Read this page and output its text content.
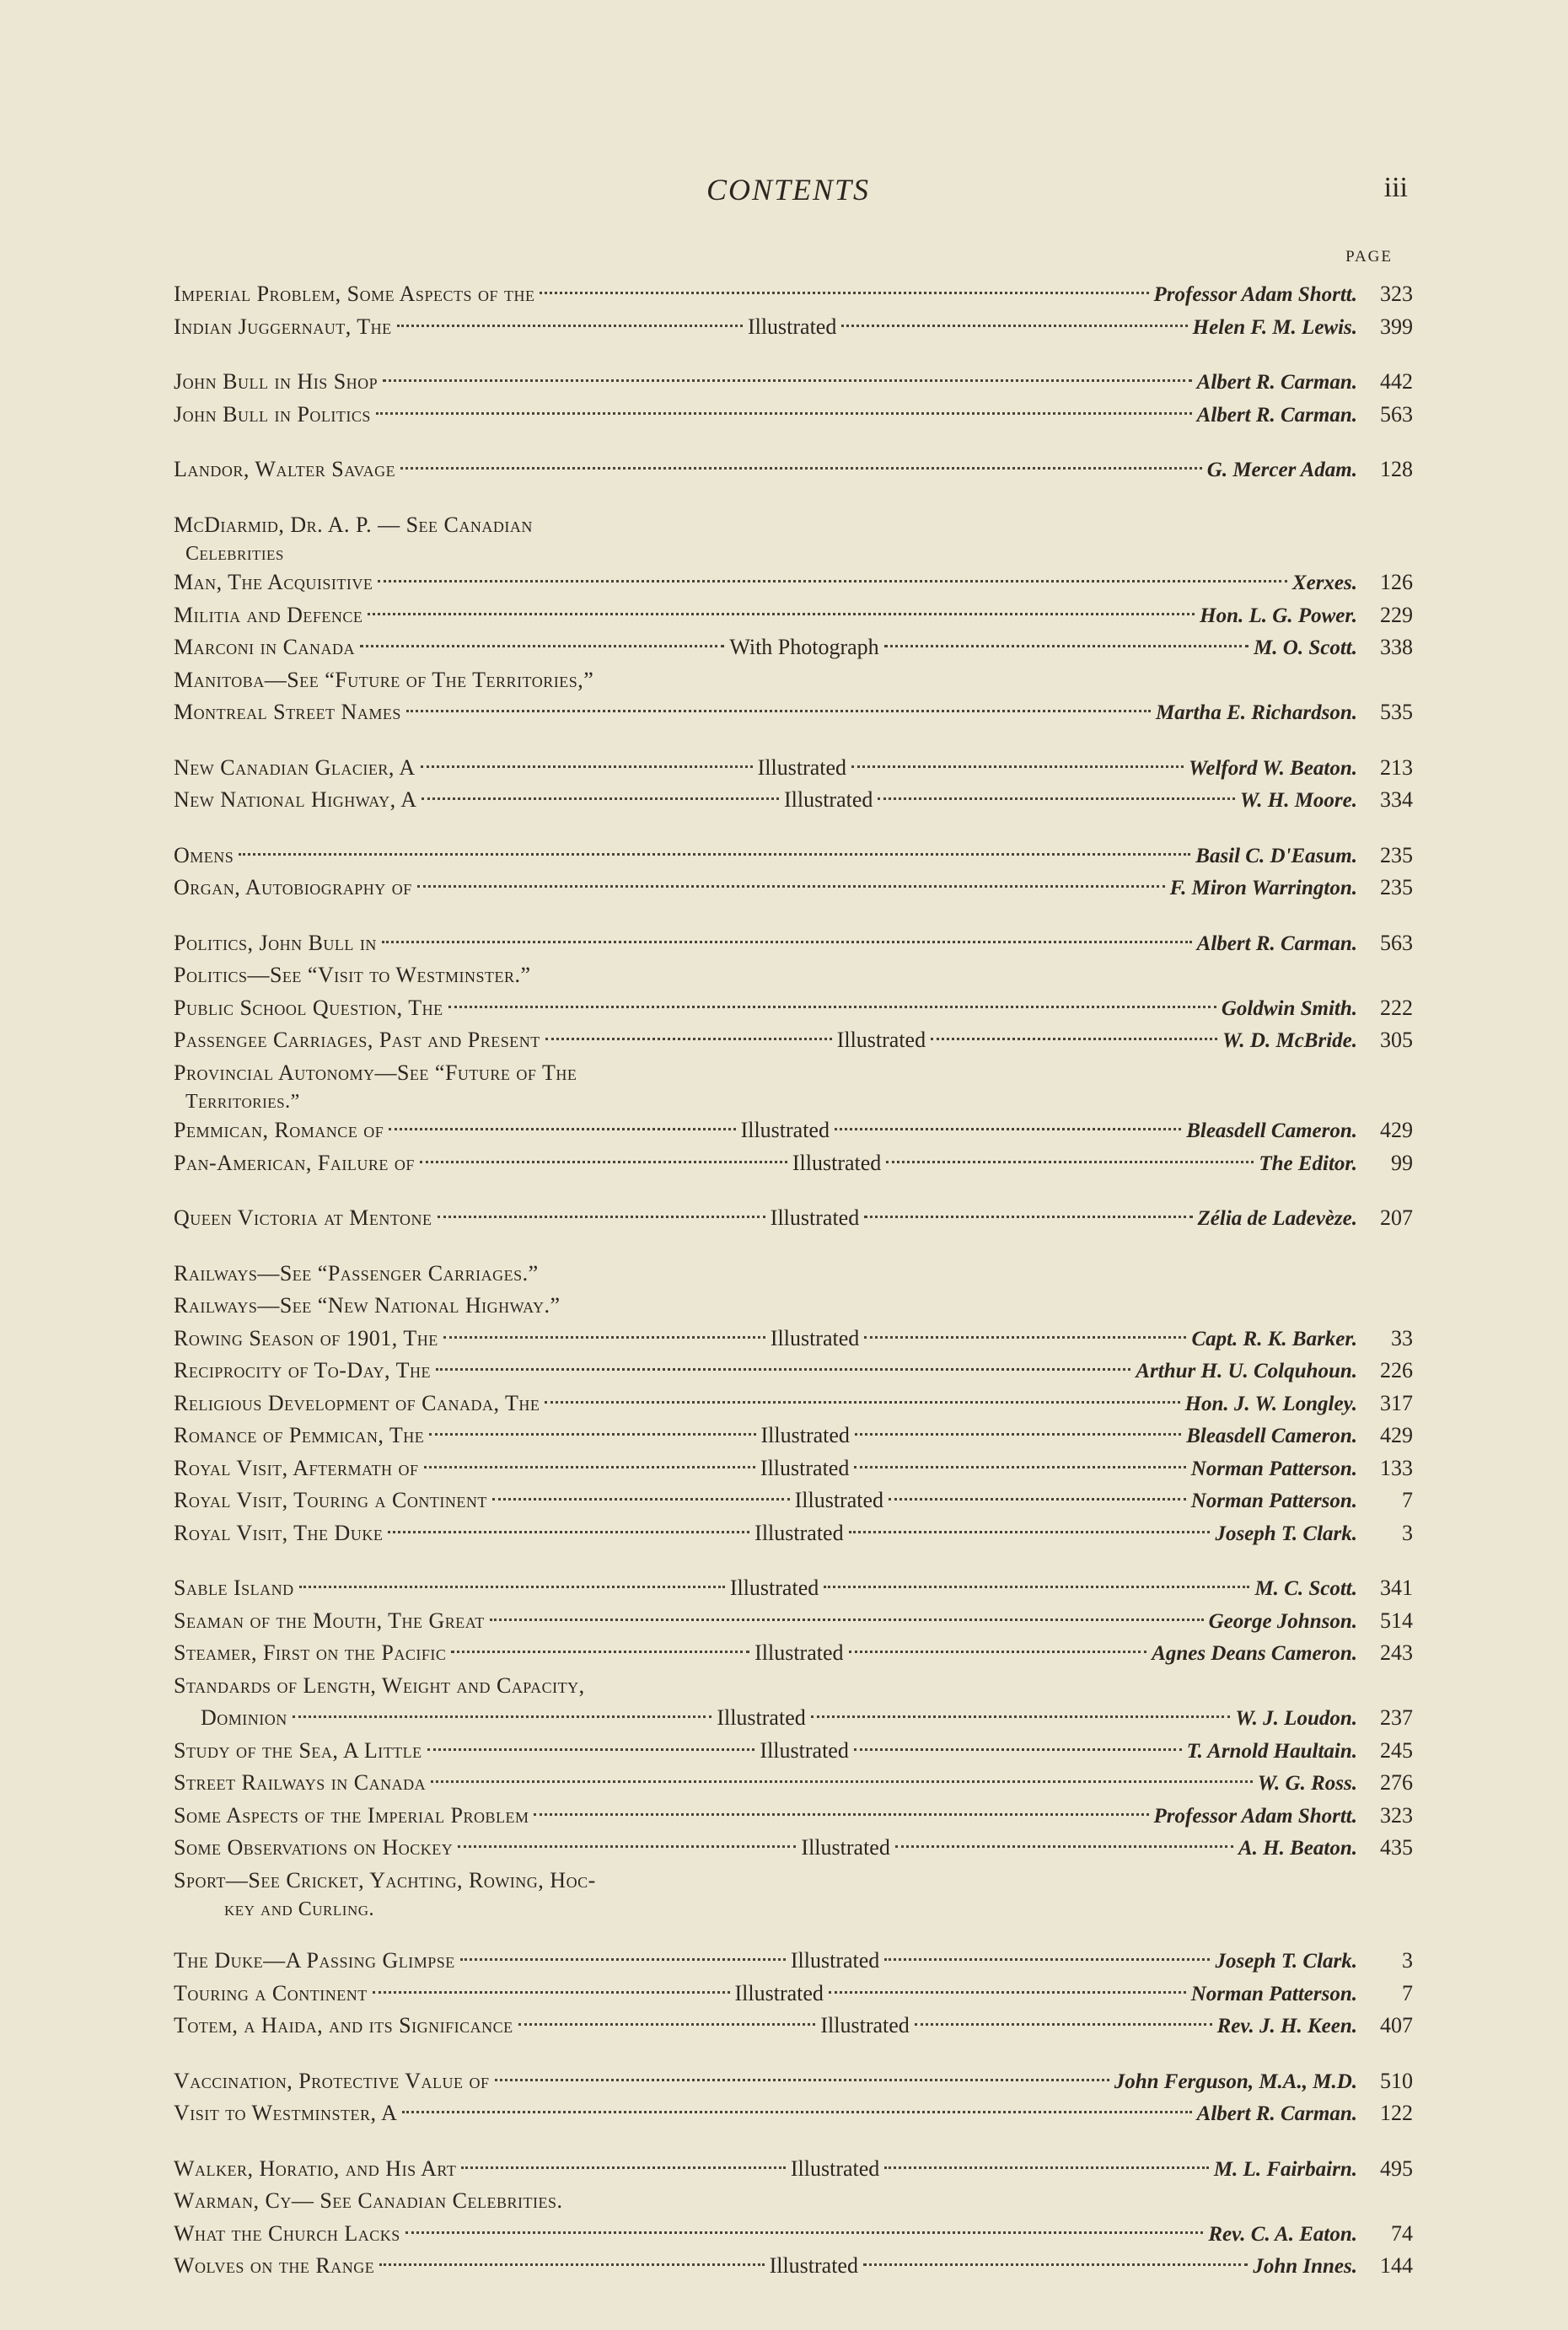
CONTENTS	iii
PAGE
Imperial Problem, Some Aspects of the	Professor Adam Shortt.	323
Indian Juggernaut, The	Illustrated	Helen F. M. Lewis.	399
John Bull in His Shop	Albert R. Carman.	442
John Bull in Politics	Albert R. Carman.	563
Landor, Walter Savage	G. Mercer Adam.	128
McDiarmid, Dr. A. P. — See Canadian
Celebrities
Man, The Acquisitive	Xerxes.	126
Militia and Defence	Hon. L. G. Power.	229
Marconi in Canada	With Photograph	M. O. Scott.	338
Manitoba—See “Future of The Territories,”
Montreal Street Names	Martha E. Richardson.	535
New Canadian Glacier, A	Illustrated	Welford W. Beaton.	213
New National Highway, A	Illustrated	W. H. Moore.	334
Omens	Basil C. D'Easum.	235
Organ, Autobiography of	F. Miron Warrington.	235
Politics, John Bull in	Albert R. Carman.	563
Politics—See “Visit to Westminster.”
Public School Question, The	Goldwin Smith.	222
Passengee Carriages, Past and Present	Illustrated	W. D. McBride.	305
Provincial Autonomy—See “Future of The
Territories.”
Pemmican, Romance of	Illustrated	Bleasdell Cameron.	429
Pan-American, Failure of	Illustrated	The Editor.	99
Queen Victoria at Mentone	Illustrated	Zélia de Ladevèze.	207
Railways—See “Passenger Carriages.”
Railways—See “New National Highway.”
Rowing Season of 1901, The	Illustrated	Capt. R. K. Barker.	33
Reciprocity of To-Day, The	Arthur H. U. Colquhoun.	226
Religious Development of Canada, The	Hon. J. W. Longley.	317
Romance of Pemmican, The	Illustrated	Bleasdell Cameron.	429
Royal Visit, Aftermath of	Illustrated	Norman Patterson.	133
Royal Visit, Touring a Continent	Illustrated	Norman Patterson.	7
Royal Visit, The Duke	Illustrated	Joseph T. Clark.	3
Sable Island	Illustrated	M. C. Scott.	341
Seaman of the Mouth, The Great	George Johnson.	514
Steamer, First on the Pacific	Illustrated	Agnes Deans Cameron.	243
Standards of Length, Weight and Capacity,
Dominion	Illustrated	W. J. Loudon.	237
Study of the Sea, A Little	Illustrated	T. Arnold Haultain.	245
Street Railways in Canada	W. G. Ross.	276
Some Aspects of the Imperial Problem	Professor Adam Shortt.	323
Some Observations on Hockey	Illustrated	A. H. Beaton.	435
Sport—See Cricket, Yachting, Rowing, Hoc-
key and Curling.
The Duke—A Passing Glimpse	Illustrated	Joseph T. Clark.	3
Touring a Continent	Illustrated	Norman Patterson.	7
Totem, a Haida, and its Significance	Illustrated	Rev. J. H. Keen.	407
Vaccination, Protective Value of	John Ferguson, M.A., M.D.	510
Visit to Westminster, A	Albert R. Carman.	122
Walker, Horatio, and His Art	Illustrated	M. L. Fairbairn.	495
Warman, Cy— See Canadian Celebrities.
What the Church Lacks	Rev. C. A. Eaton.	74
Wolves on the Range	Illustrated	John Innes.	144
